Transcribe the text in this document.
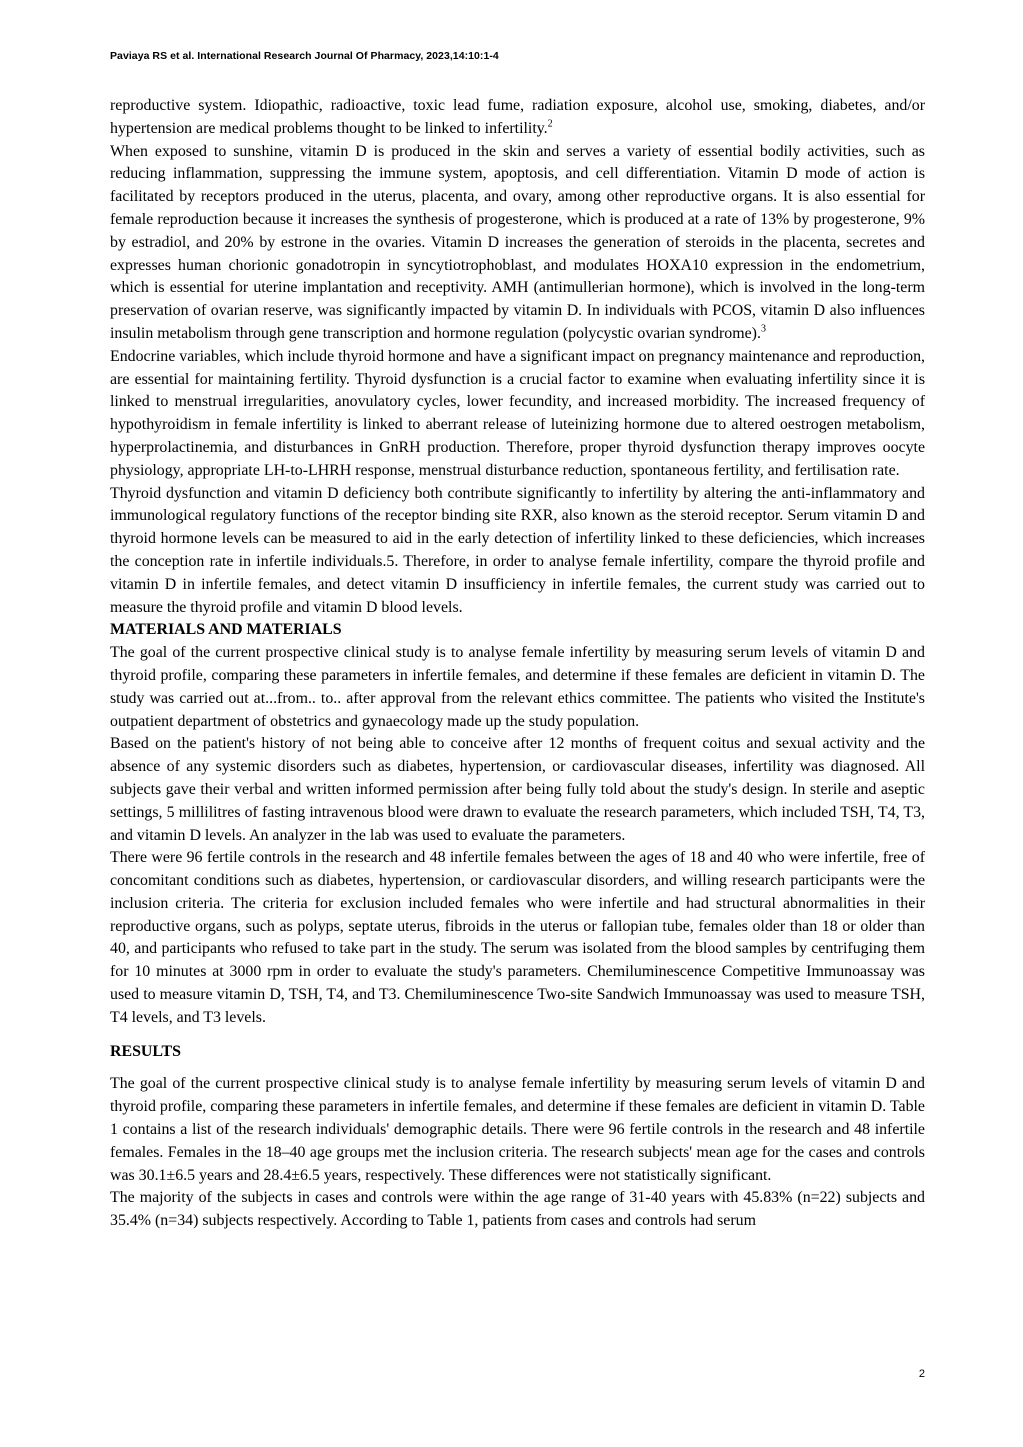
Paviaya RS et al. International Research Journal Of Pharmacy, 2023,14:10:1-4

reproductive system. Idiopathic, radioactive, toxic lead fume, radiation exposure, alcohol use, smoking, diabetes, and/or hypertension are medical problems thought to be linked to infertility.$^2$

When exposed to sunshine, vitamin D is produced in the skin and serves a variety of essential bodily activities, such as reducing inflammation, suppressing the immune system, apoptosis, and cell differentiation. Vitamin D mode of action is facilitated by receptors produced in the uterus, placenta, and ovary, among other reproductive organs. It is also essential for female reproduction because it increases the synthesis of progesterone, which is produced at a rate of 13% by progesterone, 9% by estradiol, and 20% by estrone in the ovaries. Vitamin D increases the generation of steroids in the placenta, secretes and expresses human chorionic gonadotropin in syncytiotrophoblast, and modulates HOXA10 expression in the endometrium, which is essential for uterine implantation and receptivity. AMH (antimullerian hormone), which is involved in the long-term preservation of ovarian reserve, was significantly impacted by vitamin D. In individuals with PCOS, vitamin D also influences insulin metabolism through gene transcription and hormone regulation (polycystic ovarian syndrome).$^3$

Endocrine variables, which include thyroid hormone and have a significant impact on pregnancy maintenance and reproduction, are essential for maintaining fertility. Thyroid dysfunction is a crucial factor to examine when evaluating infertility since it is linked to menstrual irregularities, anovulatory cycles, lower fecundity, and increased morbidity. The increased frequency of hypothyroidism in female infertility is linked to aberrant release of luteinizing hormone due to altered oestrogen metabolism, hyperprolactinemia, and disturbances in GnRH production. Therefore, proper thyroid dysfunction therapy improves oocyte physiology, appropriate LH-to-LHRH response, menstrual disturbance reduction, spontaneous fertility, and fertilisation rate.

Thyroid dysfunction and vitamin D deficiency both contribute significantly to infertility by altering the anti-inflammatory and immunological regulatory functions of the receptor binding site RXR, also known as the steroid receptor. Serum vitamin D and thyroid hormone levels can be measured to aid in the early detection of infertility linked to these deficiencies, which increases the conception rate in infertile individuals.5. Therefore, in order to analyse female infertility, compare the thyroid profile and vitamin D in infertile females, and detect vitamin D insufficiency in infertile females, the current study was carried out to measure the thyroid profile and vitamin D blood levels.

MATERIALS AND MATERIALS

The goal of the current prospective clinical study is to analyse female infertility by measuring serum levels of vitamin D and thyroid profile, comparing these parameters in infertile females, and determine if these females are deficient in vitamin D. The study was carried out at...from.. to.. after approval from the relevant ethics committee. The patients who visited the Institute's outpatient department of obstetrics and gynaecology made up the study population.

Based on the patient's history of not being able to conceive after 12 months of frequent coitus and sexual activity and the absence of any systemic disorders such as diabetes, hypertension, or cardiovascular diseases, infertility was diagnosed. All subjects gave their verbal and written informed permission after being fully told about the study's design. In sterile and aseptic settings, 5 millilitres of fasting intravenous blood were drawn to evaluate the research parameters, which included TSH, T4, T3, and vitamin D levels. An analyzer in the lab was used to evaluate the parameters.

There were 96 fertile controls in the research and 48 infertile females between the ages of 18 and 40 who were infertile, free of concomitant conditions such as diabetes, hypertension, or cardiovascular disorders, and willing research participants were the inclusion criteria. The criteria for exclusion included females who were infertile and had structural abnormalities in their reproductive organs, such as polyps, septate uterus, fibroids in the uterus or fallopian tube, females older than 18 or older than 40, and participants who refused to take part in the study. The serum was isolated from the blood samples by centrifuging them for 10 minutes at 3000 rpm in order to evaluate the study's parameters. Chemiluminescence Competitive Immunoassay was used to measure vitamin D, TSH, T4, and T3. Chemiluminescence Two-site Sandwich Immunoassay was used to measure TSH, T4 levels, and T3 levels.

RESULTS

The goal of the current prospective clinical study is to analyse female infertility by measuring serum levels of vitamin D and thyroid profile, comparing these parameters in infertile females, and determine if these females are deficient in vitamin D. Table 1 contains a list of the research individuals' demographic details. There were 96 fertile controls in the research and 48 infertile females. Females in the 18–40 age groups met the inclusion criteria. The research subjects' mean age for the cases and controls was 30.1±6.5 years and 28.4±6.5 years, respectively. These differences were not statistically significant.

The majority of the subjects in cases and controls were within the age range of 31-40 years with 45.83% (n=22) subjects and 35.4% (n=34) subjects respectively. According to Table 1, patients from cases and controls had serum

2
